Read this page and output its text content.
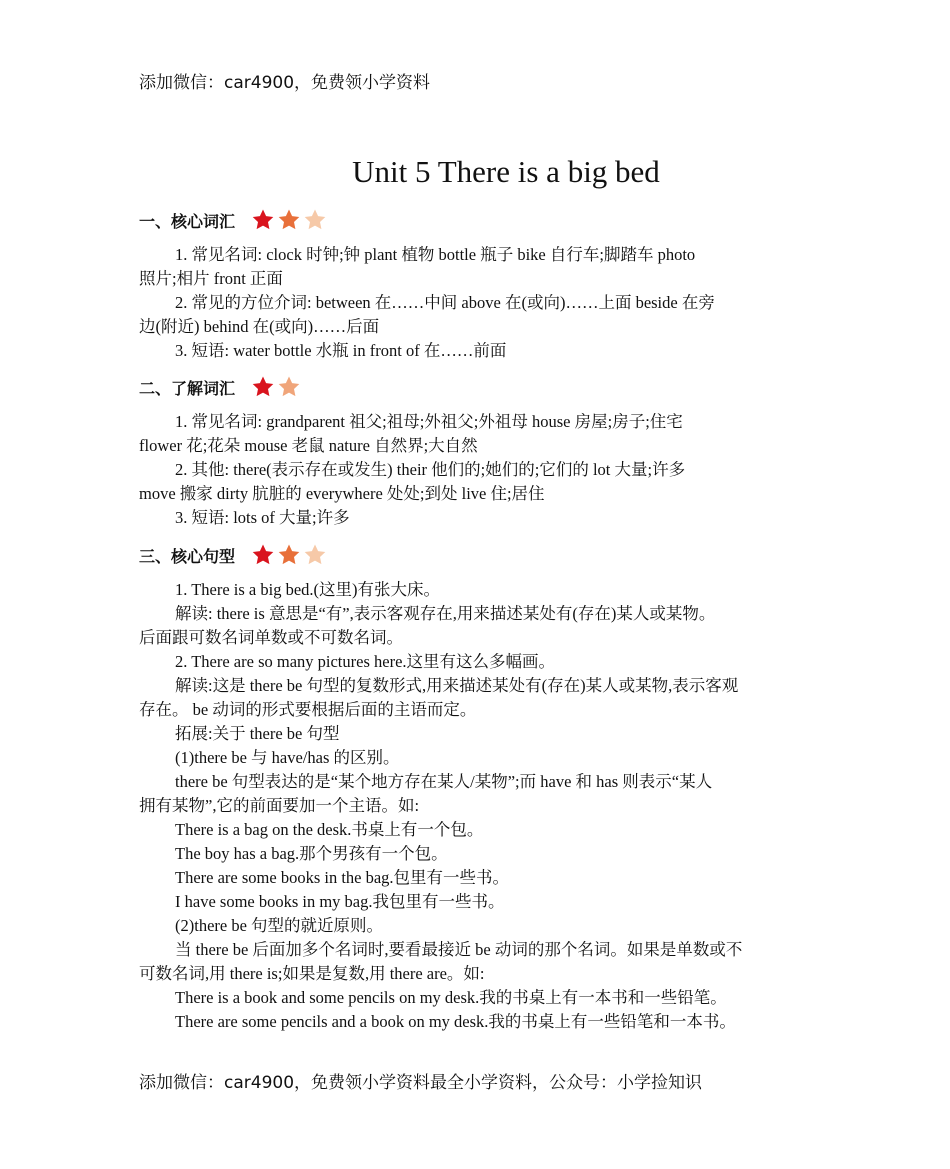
添加微信：car4900，免费领小学资料
Unit 5 There is a big bed
一、核心词汇
1. 常见名词: clock 时钟;钟 plant 植物 bottle 瓶子 bike 自行车;脚踏车 photo
照片;相片 front 正面
2. 常见的方位介词: between 在……中间 above 在(或向)……上面 beside 在旁
边(附近) behind 在(或向)……后面
3. 短语: water bottle 水瓶 in front of 在……前面
二、了解词汇
1. 常见名词: grandparent 祖父;祖母;外祖父;外祖母 house 房屋;房子;住宅
flower 花;花朵 mouse 老鼠 nature 自然界;大自然
2. 其他: there(表示存在或发生) their 他们的;她们的;它们的 lot 大量;许多
move 搬家 dirty 肮脏的 everywhere 处处;到处 live 住;居住
3. 短语: lots of 大量;许多
三、核心句型
1. There is a big bed.(这里)有张大床。
解读: there is 意思是“有”,表示客观存在,用来描述某处有(存在)某人或某物。
后面跟可数名词单数或不可数名词。
2. There are so many pictures here.这里有这么多幅画。
解读:这是 there be 句型的复数形式,用来描述某处有(存在)某人或某物,表示客观
存在。 be 动词的形式要根据后面的主语而定。
拓展:关于 there be 句型
(1)there be 与 have/has 的区别。
there be 句型表达的是“某个地方存在某人/某物”;而 have 和 has 则表示“某人
拥有某物”,它的前面要加一个主语。如:
There is a bag on the desk.书桌上有一个包。
The boy has a bag.那个男孩有一个包。
There are some books in the bag.包里有一些书。
I have some books in my bag.我包里有一些书。
(2)there be 句型的就近原则。
当 there be 后面加多个名词时,要看最接近 be 动词的那个名词。如果是单数或不
可数名词,用 there is;如果是复数,用 there are。如:
There is a book and some pencils on my desk.我的书桌上有一本书和一些铅笔。
There are some pencils and a book on my desk.我的书桌上有一些铅笔和一本书。
添加微信：car4900，免费领小学资料最全小学资料，公众号：小学捡知识
